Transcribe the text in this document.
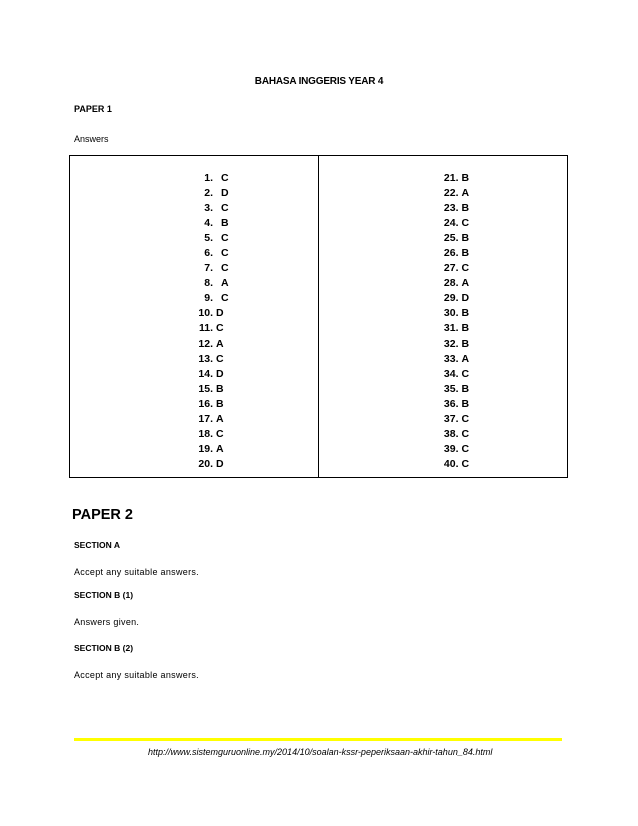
BAHASA INGGERIS YEAR 4
PAPER 1
Answers
1. C
2. D
3. C
4. B
5. C
6. C
7. C
8. A
9. C
10. D
11. C
12. A
13. C
14. D
15. B
16. B
17. A
18. C
19. A
20. D
21. B
22. A
23. B
24. C
25. B
26. B
27. C
28. A
29. D
30. B
31. B
32. B
33. A
34. C
35. B
36. B
37. C
38. C
39. C
40. C
PAPER 2
SECTION A
Accept any suitable answers.
SECTION B (1)
Answers given.
SECTION B (2)
Accept any suitable answers.
http://www.sistemguruonline.my/2014/10/soalan-kssr-peperiksaan-akhir-tahun_84.html
